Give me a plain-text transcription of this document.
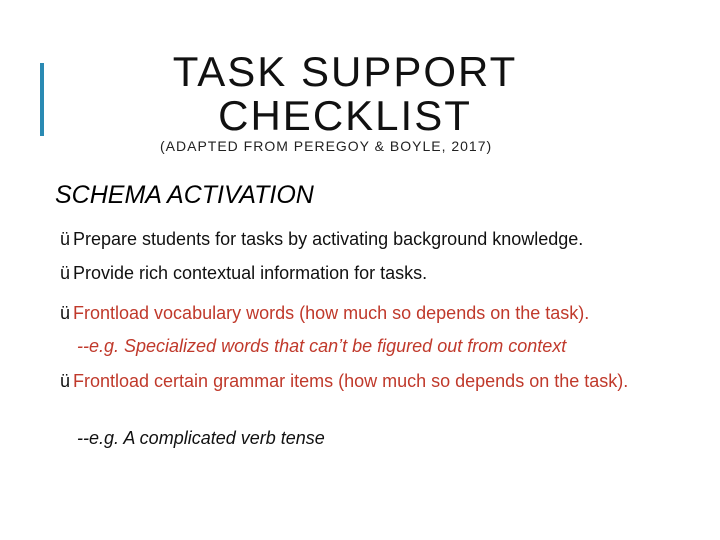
TASK SUPPORT CHECKLIST
(ADAPTED FROM PEREGOY & BOYLE, 2017)
SCHEMA ACTIVATION
ü Prepare students for tasks by activating background knowledge.
ü Provide rich contextual information for tasks.
ü Frontload vocabulary words (how much so depends on the task).
--e.g. Specialized words that can’t be figured out from context
ü Frontload certain grammar items (how much so depends on the task).
--e.g. A complicated verb tense
